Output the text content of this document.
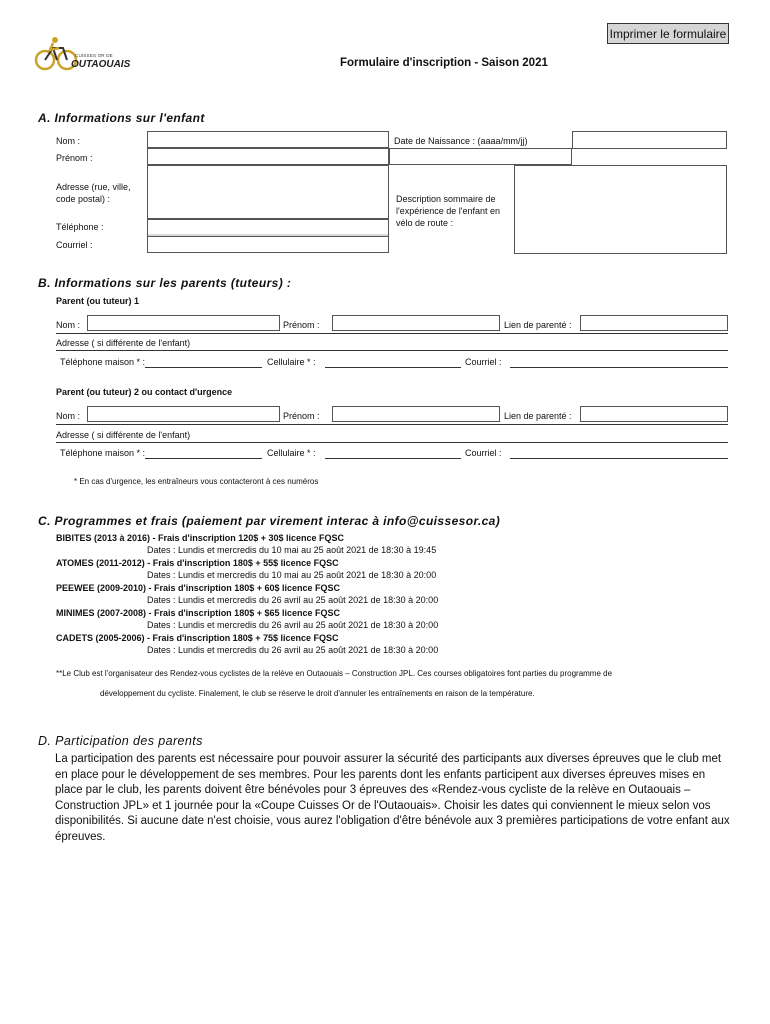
Imprimer le formulaire
CUISSES OR DE
OUTAOUAIS	Formulaire d'inscription - Saison 2021
A. Informations sur l'enfant
Nom :
Prénom :
Adresse (rue, ville,
code postal) :
Téléphone :
Courriel :
Date de Naissance : (aaaa/mm/jj)
Description sommaire de
l'expérience de l'enfant en
vélo de route :
B. Informations sur les parents (tuteurs) :
Parent (ou tuteur) 1
Nom :	Prénom :	Lien de parenté :
Adresse ( si différente de l'enfant)
Téléphone maison * :	Cellulaire * :	Courriel :
Parent (ou tuteur) 2 ou contact d'urgence
Nom :	Prénom :	Lien de parenté :
Adresse ( si différente de l'enfant)
Téléphone maison * :	Cellulaire * :	Courriel :
* En cas d'urgence, les entraîneurs vous contacteront à ces numéros
C. Programmes et frais (paiement par virement interac à info@cuissesor.ca)
BIBITES (2013 à 2016) - Frais d'inscription 120$ + 30$ licence FQSC
Dates : Lundis et mercredis du 10 mai au 25 août 2021 de 18:30 à 19:45
ATOMES (2011-2012) - Frais d'inscription 180$ + 55$ licence FQSC
Dates : Lundis et mercredis du 10 mai au 25 août 2021 de 18:30 à 20:00
PEEWEE (2009-2010) - Frais d'inscription 180$ + 60$ licence FQSC
Dates : Lundis et mercredis du 26 avril au 25 août 2021 de 18:30 à 20:00
MINIMES (2007-2008) - Frais d'inscription 180$ + $65 licence FQSC
Dates : Lundis et mercredis du 26 avril au 25 août 2021 de 18:30 à 20:00
CADETS (2005-2006) - Frais d'inscription 180$ + 75$ licence FQSC
Dates : Lundis et mercredis du 26 avril au 25 août 2021 de 18:30 à 20:00
**Le Club est l'organisateur des Rendez-vous cyclistes de la relève en Outaouais – Construction JPL. Ces courses obligatoires font parties du programme de
développement du cycliste. Finalement, le club se réserve le droit d'annuler les entraînements en raison de la température.
D. Participation des parents
La participation des parents est nécessaire pour pouvoir assurer la sécurité des participants aux diverses épreuves que le club met en place pour le développement de ses membres. Pour les parents dont les enfants participent aux diverses épreuves mises en place par le club, les parents doivent être bénévoles pour 3 épreuves des «Rendez-vous cycliste de la relève en Outaouais – Construction JPL» et 1 journée pour la «Coupe Cuisses Or de l'Outaouais». Choisir les dates qui conviennent le mieux selon vos disponibilités. Si aucune date n'est choisie, vous aurez l'obligation d'être bénévole aux 3 premières participations de votre enfant aux épreuves.
